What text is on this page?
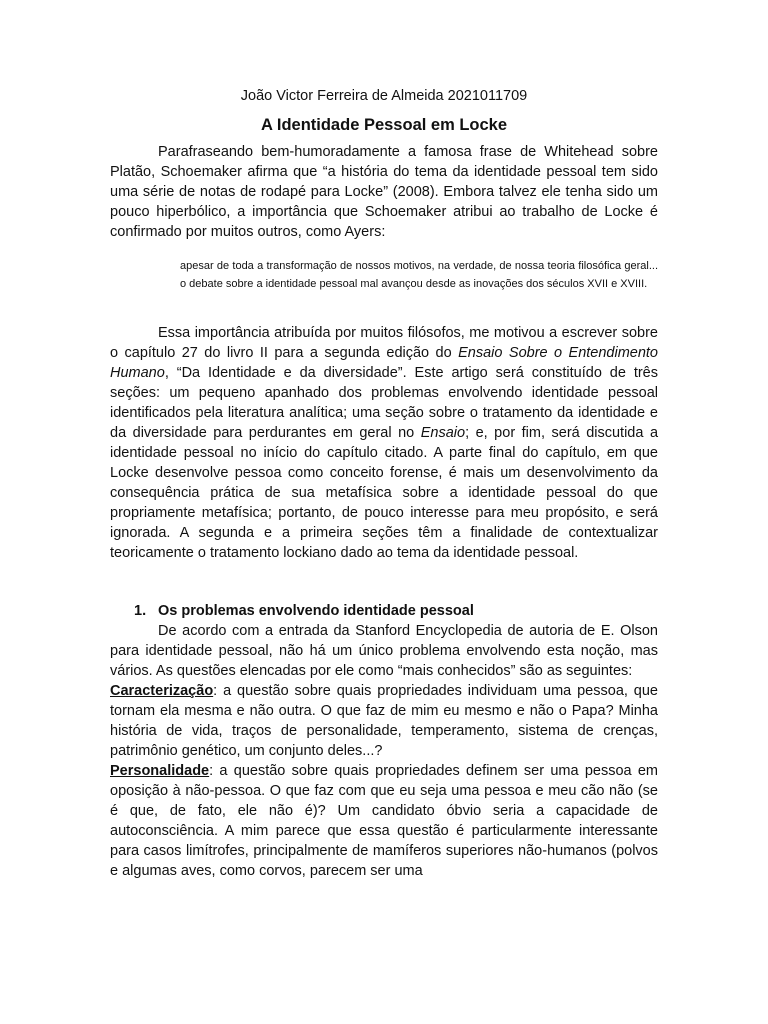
João Victor Ferreira de Almeida 2021011709
A Identidade Pessoal em Locke

Parafraseando bem-humoradamente a famosa frase de Whitehead sobre Platão, Schoemaker afirma que “a história do tema da identidade pessoal tem sido uma série de notas de rodapé para Locke” (2008). Embora talvez ele tenha sido um pouco hiperbólico, a importância que Schoemaker atribui ao trabalho de Locke é confirmado por muitos outros, como Ayers:

apesar de toda a transformação de nossos motivos, na verdade, de nossa teoria filosófica geral... o debate sobre a identidade pessoal mal avançou desde as inovações dos séculos XVII e XVIII.

Essa importância atribuída por muitos filósofos, me motivou a escrever sobre o capítulo 27 do livro II para a segunda edição do Ensaio Sobre o Entendimento Humano, “Da Identidade e da diversidade”. Este artigo será constituído de três seções: um pequeno apanhado dos problemas envolvendo identidade pessoal identificados pela literatura analítica; uma seção sobre o tratamento da identidade e da diversidade para perdurantes em geral no Ensaio; e, por fim, será discutida a identidade pessoal no início do capítulo citado. A parte final do capítulo, em que Locke desenvolve pessoa como conceito forense, é mais um desenvolvimento da consequência prática de sua metafísica sobre a identidade pessoal do que propriamente metafísica; portanto, de pouco interesse para meu propósito, e será ignorada. A segunda e a primeira seções têm a finalidade de contextualizar teoricamente o tratamento lockiano dado ao tema da identidade pessoal.

1. Os problemas envolvendo identidade pessoal

De acordo com a entrada da Stanford Encyclopedia de autoria de E. Olson para identidade pessoal, não há um único problema envolvendo esta noção, mas vários. As questões elencadas por ele como “mais conhecidos” são as seguintes:

Caracterização: a questão sobre quais propriedades individuam uma pessoa, que tornam ela mesma e não outra. O que faz de mim eu mesmo e não o Papa? Minha história de vida, traços de personalidade, temperamento, sistema de crenças, patrimônio genético, um conjunto deles...?

Personalidade: a questão sobre quais propriedades definem ser uma pessoa em oposição à não-pessoa. O que faz com que eu seja uma pessoa e meu cão não (se é que, de fato, ele não é)? Um candidato óbvio seria a capacidade de autoconsciência. A mim parece que essa questão é particularmente interessante para casos limítrofes, principalmente de mamíferos superiores não-humanos (polvos e algumas aves, como corvos, parecem ser uma
